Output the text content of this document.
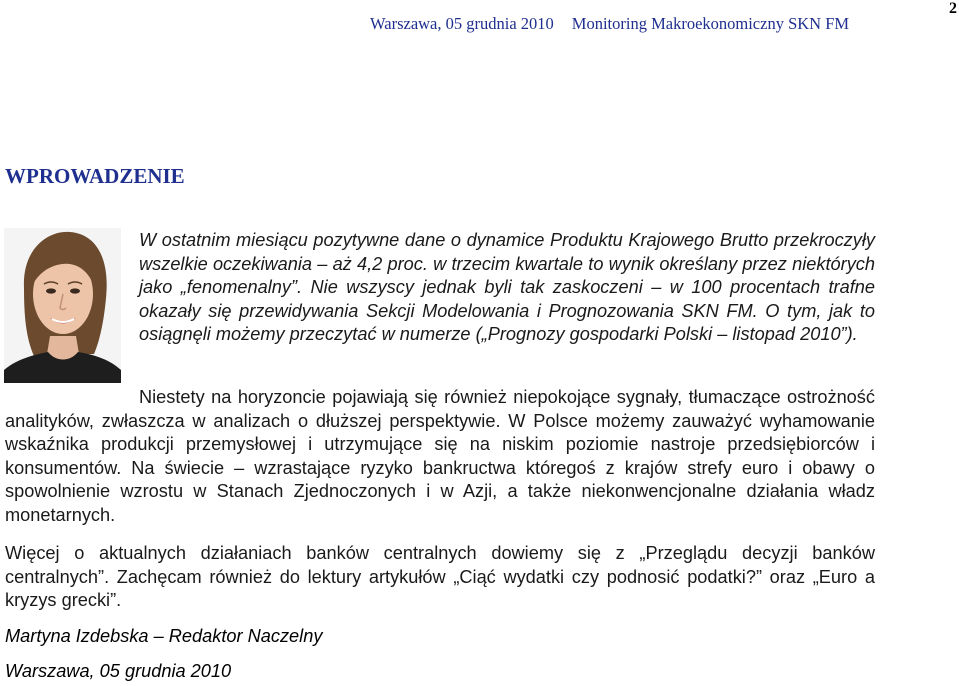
Warszawa, 05 grudnia 2010 Monitoring Makroekonomiczny SKN FM
2
WPROWADZENIE
W ostatnim miesiącu pozytywne dane o dynamice Produktu Krajowego Brutto przekroczyły wszelkie oczekiwania – aż 4,2 proc. w trzecim kwartale to wynik określany przez niektórych jako „fenomenalny”. Nie wszyscy jednak byli tak zaskoczeni – w 100 procentach trafne okazały się przewidywania Sekcji Modelowania i Prognozowania SKN FM. O tym, jak to osiągnęli możemy przeczytać w numerze („Prognozy gospodarki Polski – listopad 2010”).
Niestety na horyzoncie pojawiają się również niepokojące sygnały, tłumaczące ostrożność analityków, zwłaszcza w analizach o dłuższej perspektywie. W Polsce możemy zauważyć wyhamowanie wskaźnika produkcji przemysłowej i utrzymujące się na niskim poziomie nastroje przedsiębiorców i konsumentów. Na świecie – wzrastające ryzyko bankructwa któregoś z krajów strefy euro i obawy o spowolnienie wzrostu w Stanach Zjednoczonych i w Azji, a także niekonwencjonalne działania władz monetarnych.
Więcej o aktualnych działaniach banków centralnych dowiemy się z „Przeglądu decyzji banków centralnych”. Zachęcam również do lektury artykułów „Ciąć wydatki czy podnosić podatki?” oraz „Euro a kryzys grecki”.
Martyna Izdebska – Redaktor Naczelny
Warszawa, 05 grudnia 2010
